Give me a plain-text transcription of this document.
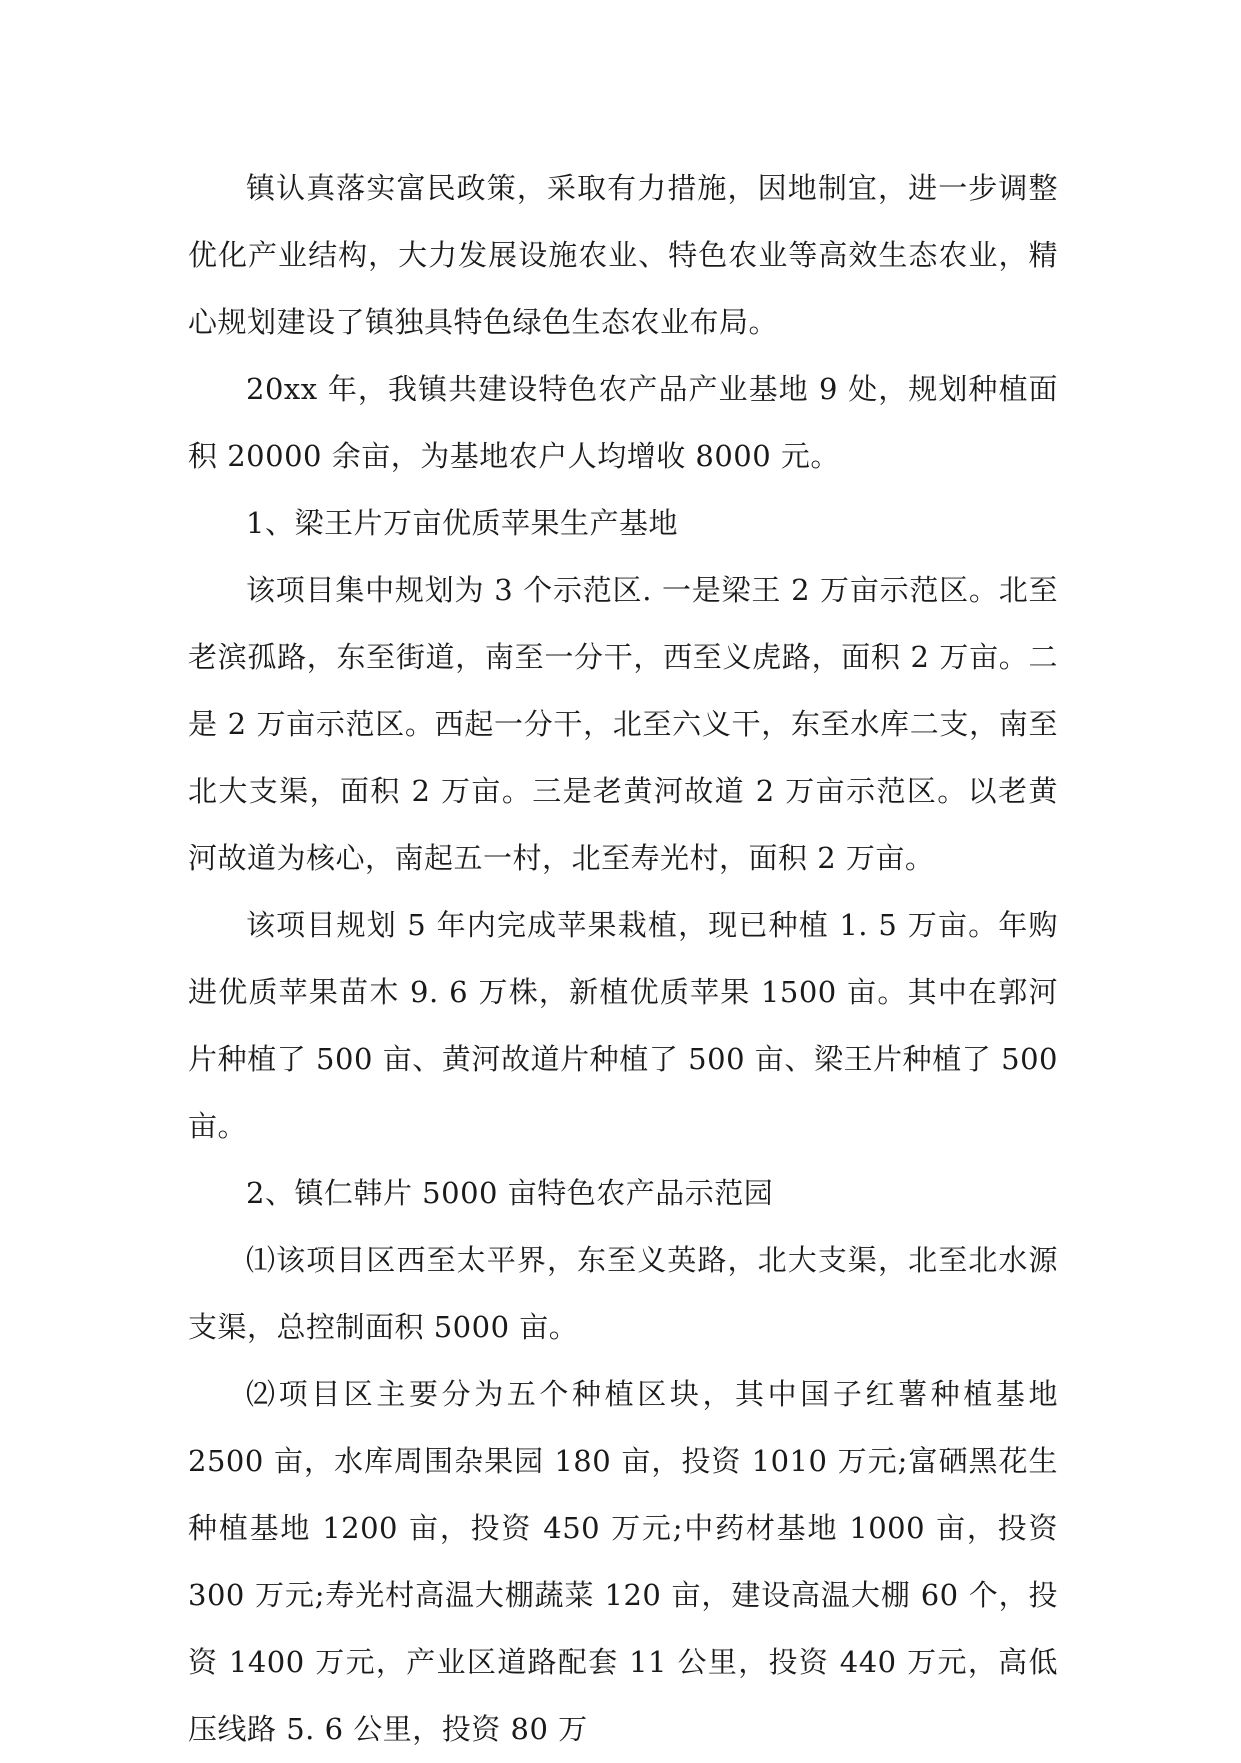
镇认真落实富民政策，采取有力措施，因地制宜，进一步调整优化产业结构，大力发展设施农业、特色农业等高效生态农业，精心规划建设了镇独具特色绿色生态农业布局。

20xx 年，我镇共建设特色农产品产业基地 9 处，规划种植面积 20000 余亩，为基地农户人均增收 8000 元。

1、梁王片万亩优质苹果生产基地

该项目集中规划为 3 个示范区. 一是梁王 2 万亩示范区。北至老滨孤路，东至街道，南至一分干，西至义虎路，面积 2 万亩。二是 2 万亩示范区。西起一分干，北至六义干，东至水库二支，南至北大支渠，面积 2 万亩。三是老黄河故道 2 万亩示范区。以老黄河故道为核心，南起五一村，北至寿光村，面积 2 万亩。

该项目规划 5 年内完成苹果栽植，现已种植 1. 5 万亩。年购进优质苹果苗木 9. 6 万株，新植优质苹果 1500 亩。其中在郭河片种植了 500 亩、黄河故道片种植了 500 亩、梁王片种植了 500 亩。

2、镇仁韩片 5000 亩特色农产品示范园

⑴该项目区西至太平界，东至义英路，北大支渠，北至北水源支渠，总控制面积 5000 亩。

⑵项目区主要分为五个种植区块，其中国子红薯种植基地 2500 亩，水库周围杂果园 180 亩，投资 1010 万元;富硒黑花生种植基地 1200 亩，投资 450 万元;中药材基地 1000 亩，投资 300 万元;寿光村高温大棚蔬菜 120 亩，建设高温大棚 60 个，投资 1400 万元，产业区道路配套 11 公里，投资 440 万元，高低压线路 5. 6 公里，投资 80 万
